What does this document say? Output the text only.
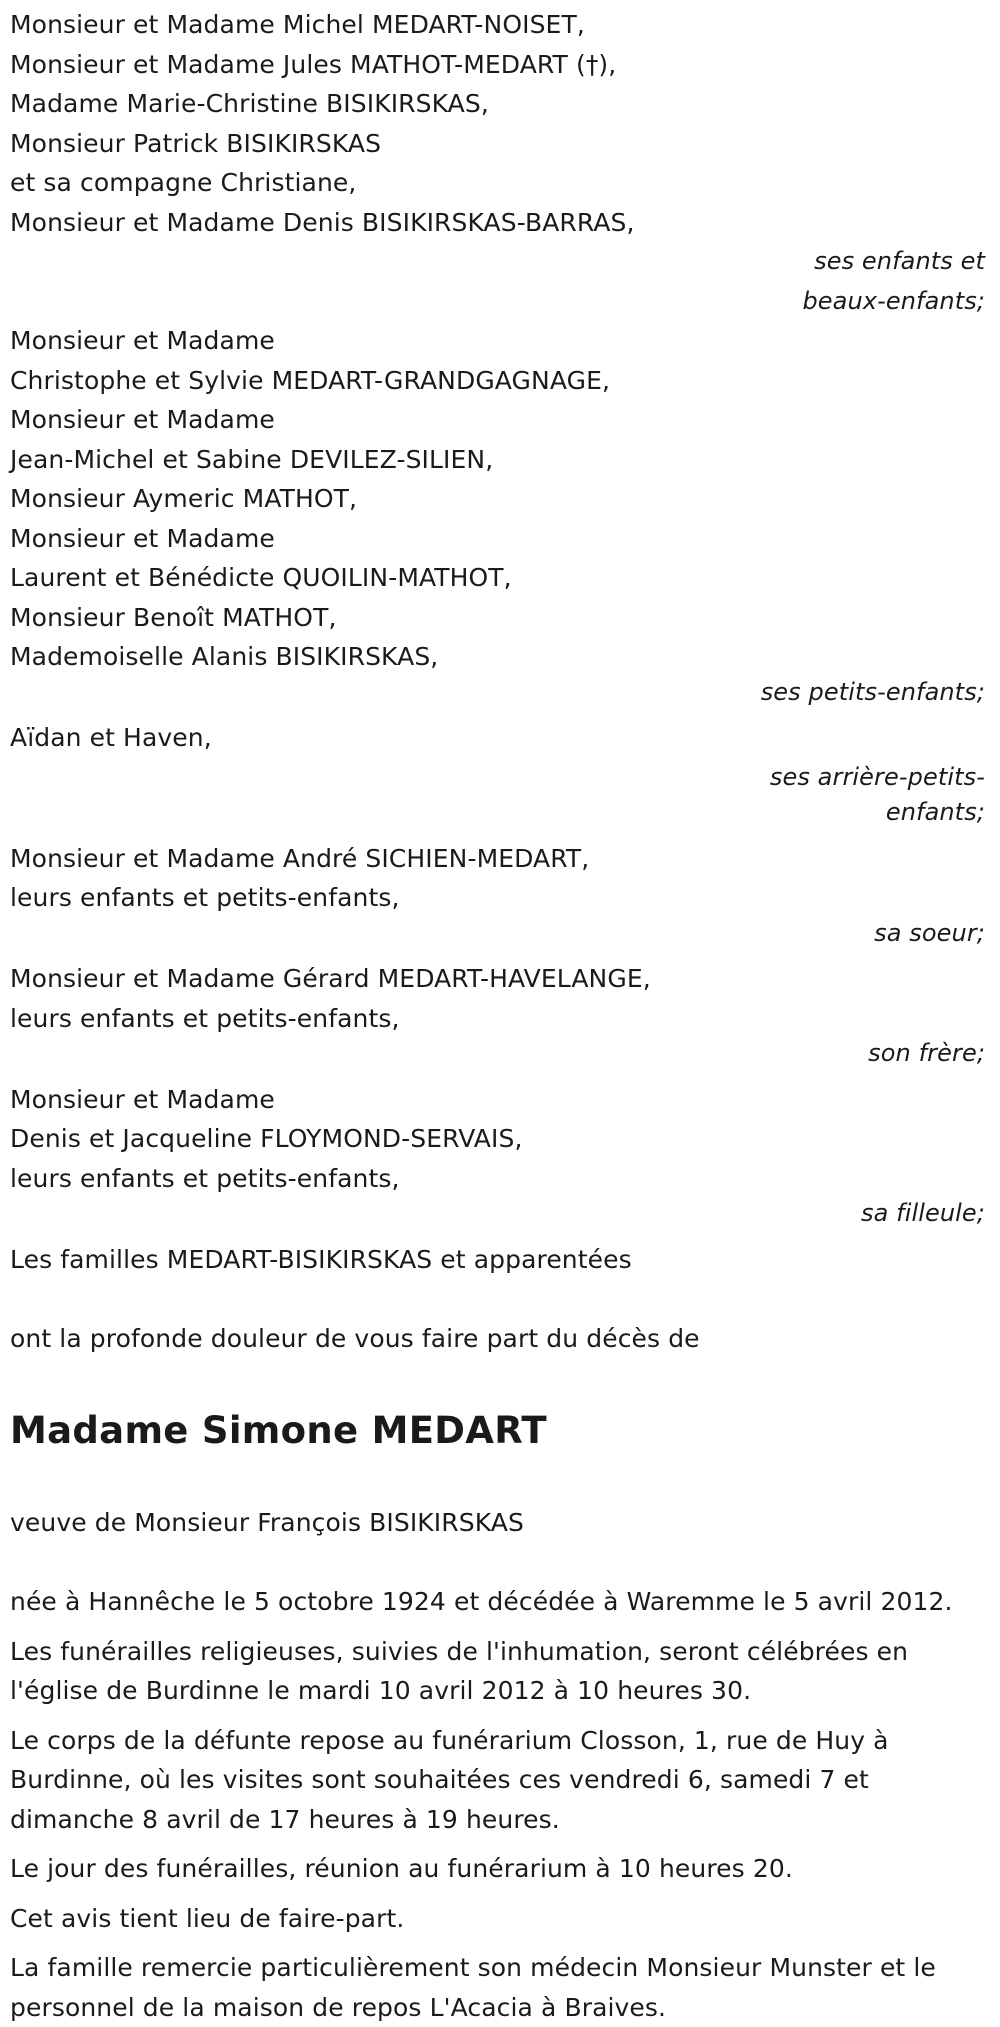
Monsieur et Madame Michel MEDART-NOISET,
Monsieur et Madame Jules MATHOT-MEDART (†),
Madame Marie-Christine BISIKIRSKAS,
Monsieur Patrick BISIKIRSKAS
et sa compagne Christiane,
Monsieur et Madame Denis BISIKIRSKAS-BARRAS,
ses enfants et
beaux-enfants;
Monsieur et Madame
Christophe et Sylvie MEDART-GRANDGAGNAGE,
Monsieur et Madame
Jean-Michel et Sabine DEVILEZ-SILIEN,
Monsieur Aymeric MATHOT,
Monsieur et Madame
Laurent et Bénédicte QUOILIN-MATHOT,
Monsieur Benoît MATHOT,
Mademoiselle Alanis BISIKIRSKAS,
ses petits-enfants;
Aïdan et Haven,
ses arrière-petits-
enfants;
Monsieur et Madame André SICHIEN-MEDART,
leurs enfants et petits-enfants,
sa soeur;
Monsieur et Madame Gérard MEDART-HAVELANGE,
leurs enfants et petits-enfants,
son frère;
Monsieur et Madame
Denis et Jacqueline FLOYMOND-SERVAIS,
leurs enfants et petits-enfants,
sa filleule;
Les familles MEDART-BISIKIRSKAS et apparentées
ont la profonde douleur de vous faire part du décès de
Madame Simone MEDART
veuve de Monsieur François BISIKIRSKAS

née à Hannêche le 5 octobre 1924 et décédée à Waremme le 5 avril 2012.

Les funérailles religieuses, suivies de l'inhumation, seront célébrées en l'église de Burdinne le mardi 10 avril 2012 à 10 heures 30.

Le corps de la défunte repose au funérarium Closson, 1, rue de Huy à Burdinne, où les visites sont souhaitées ces vendredi 6, samedi 7 et dimanche 8 avril de 17 heures à 19 heures.

Le jour des funérailles, réunion au funérarium à 10 heures 20.

Cet avis tient lieu de faire-part.

La famille remercie particulièrement son médecin Monsieur Munster et le personnel de la maison de repos L'Acacia à Braives.
